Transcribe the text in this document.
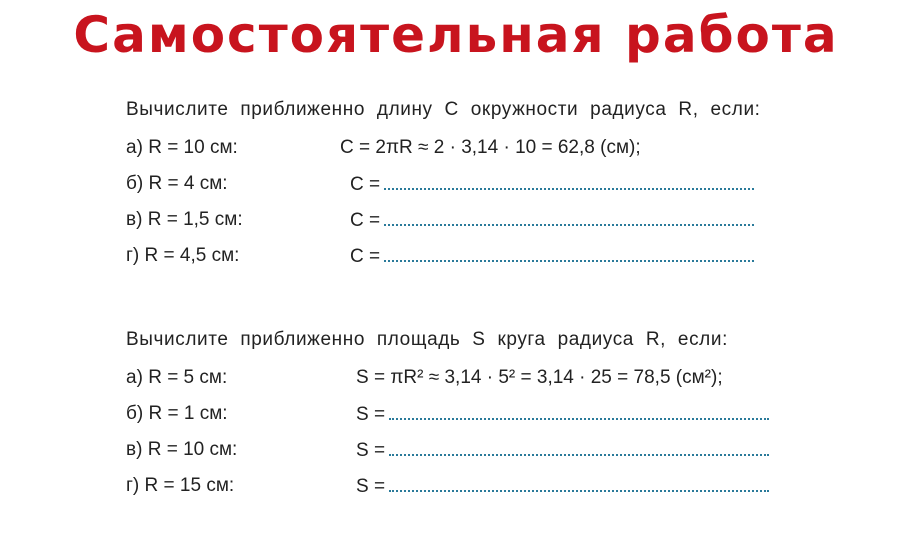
Самостоятельная работа
Вычислите приближенно длину C окружности радиуса R, если:
а) R = 10 см:	C = 2πR ≈ 2 · 3,14 · 10 = 62,8 (см);
б) R = 4 см:	C =
в) R = 1,5 см:	C =
г) R = 4,5 см:	C =
Вычислите приближенно площадь S круга радиуса R, если:
а) R = 5 см:	S = πR² ≈ 3,14 · 5² = 3,14 · 25 = 78,5 (см²);
б) R = 1 см:	S =
в) R = 10 см:	S =
г) R = 15 см:	S =
